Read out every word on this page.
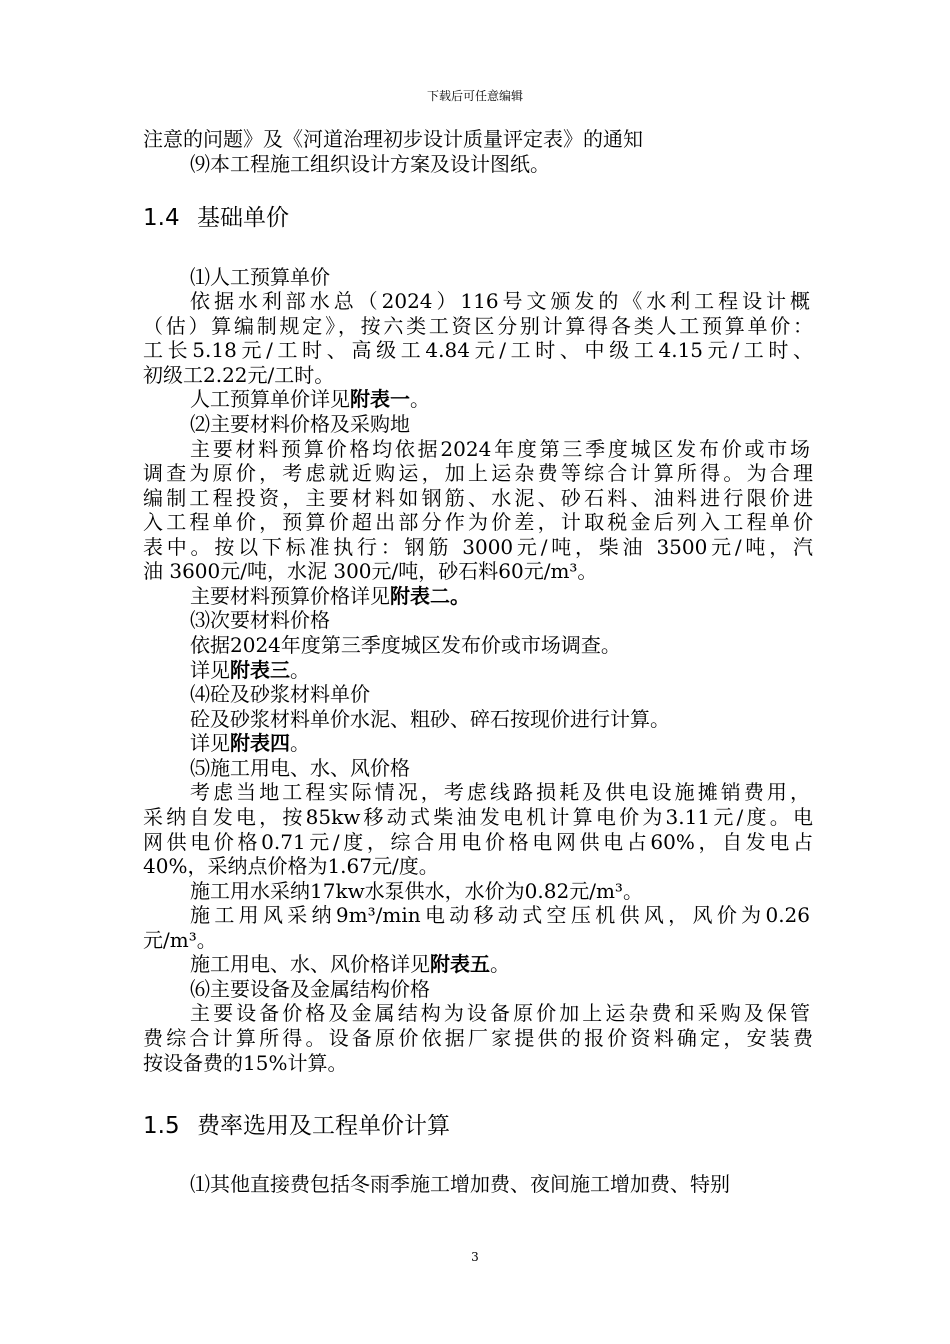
下载后可任意编辑
注意的问题》及《河道治理初步设计质量评定表》的通知
⑼本工程施工组织设计方案及设计图纸。
1.4 基础单价
⑴人工预算单价
依据水利部水总（2024）116号文颁发的《水利工程设计概
（估）算编制规定》，按六类工资区分别计算得各类人工预算单价：
工长5.18元/工时、高级工4.84元/工时、中级工4.15元/工时、
初级工2.22元/工时。
人工预算单价详见附表一。
⑵主要材料价格及采购地
主要材料预算价格均依据2024年度第三季度城区发布价或市场
调查为原价，考虑就近购运，加上运杂费等综合计算所得。为合理
编制工程投资，主要材料如钢筋、水泥、砂石料、油料进行限价进
入工程单价，预算价超出部分作为价差，计取税金后列入工程单价
表中。按以下标准执行：钢筋 3000元/吨，柴油 3500元/吨，汽
油 3600元/吨，水泥 300元/吨，砂石料60元/m³。
主要材料预算价格详见附表二。
⑶次要材料价格
依据2024年度第三季度城区发布价或市场调查。
详见附表三。
⑷砼及砂浆材料单价
砼及砂浆材料单价水泥、粗砂、碎石按现价进行计算。
详见附表四。
⑸施工用电、水、风价格
考虑当地工程实际情况，考虑线路损耗及供电设施摊销费用，
采纳自发电，按85kw移动式柴油发电机计算电价为3.11元/度。电
网供电价格0.71元/度，综合用电价格电网供电占60%，自发电占
40%，采纳点价格为1.67元/度。
施工用水采纳17kw水泵供水，水价为0.82元/m³。
施工用风采纳9m³/min电动移动式空压机供风，风价为0.26
元/m³。
施工用电、水、风价格详见附表五。
⑹主要设备及金属结构价格
主要设备价格及金属结构为设备原价加上运杂费和采购及保管
费综合计算所得。设备原价依据厂家提供的报价资料确定，安装费
按设备费的15%计算。
1.5 费率选用及工程单价计算
⑴其他直接费包括冬雨季施工增加费、夜间施工增加费、特别
3
